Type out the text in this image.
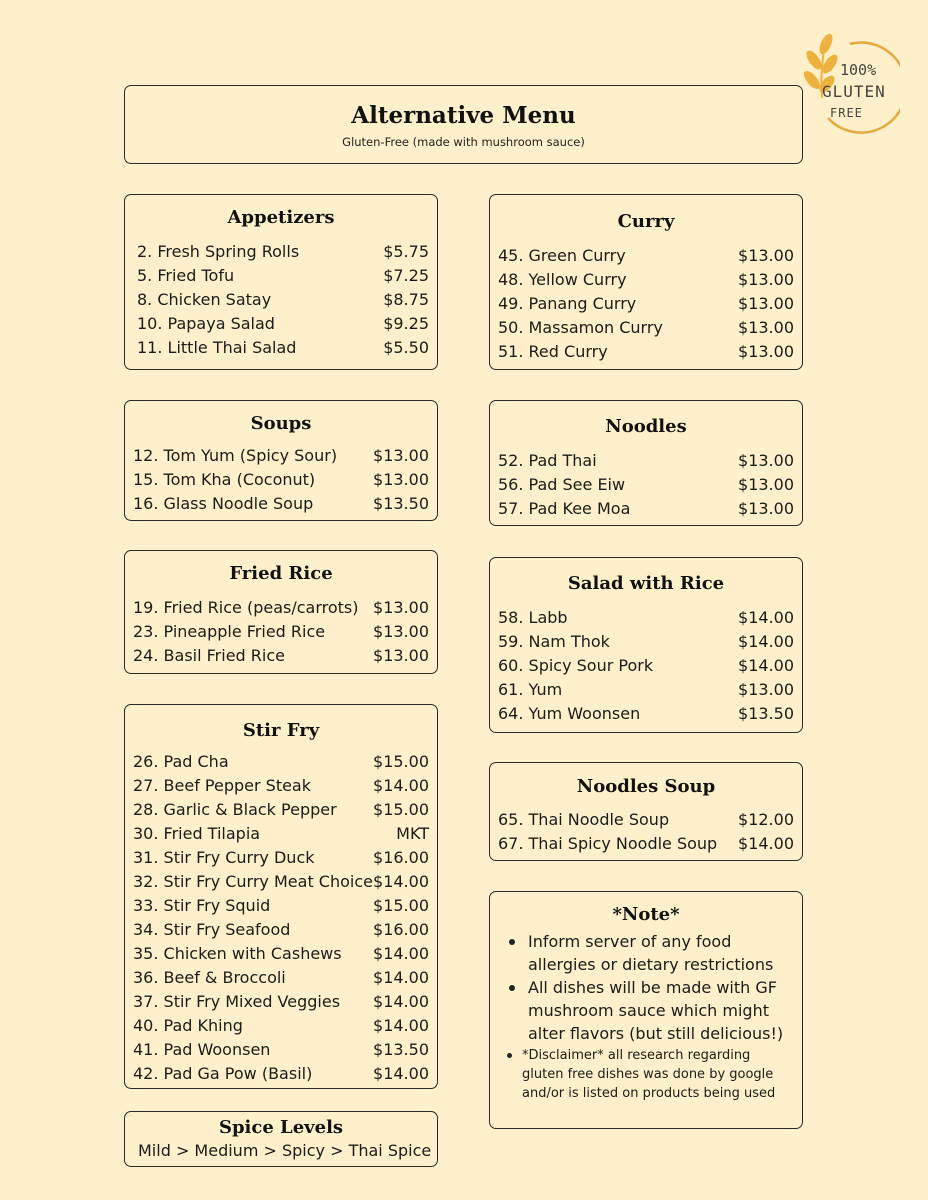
100%
GLUTEN
FREE
Alternative Menu
Gluten-Free (made with mushroom sauce)
Appetizers
2. Fresh Spring Rolls	$5.75
5. Fried Tofu	$7.25
8. Chicken Satay	$8.75
10. Papaya Salad	$9.25
11. Little Thai Salad	$5.50
Soups
12. Tom Yum (Spicy Sour) $13.00
15. Tom Kha (Coconut)	$13.00
16. Glass Noodle Soup	$13.50
Fried Rice
19. Fried Rice (peas/carrots) $13.00
23. Pineapple Fried Rice	$13.00
24. Basil Fried Rice	$13.00
Stir Fry
26. Pad Cha	$15.00
27. Beef Pepper Steak	$14.00
28. Garlic & Black Pepper $15.00
30. Fried Tilapia	MKT
31. Stir Fry Curry Duck	$16.00
32. Stir Fry Curry Meat Choice $14.00
33. Stir Fry Squid	$15.00
34. Stir Fry Seafood	$16.00
35. Chicken with Cashews $14.00
36. Beef & Broccoli	$14.00
37. Stir Fry Mixed Veggies $14.00
40. Pad Khing	$14.00
41. Pad Woonsen	$13.50
42. Pad Ga Pow (Basil)	$14.00
Spice Levels
Mild > Medium > Spicy > Thai Spice
Curry
45. Green Curry	$13.00
48. Yellow Curry	$13.00
49. Panang Curry	$13.00
50. Massamon Curry	$13.00
51. Red Curry	$13.00
Noodles
52. Pad Thai	$13.00
56. Pad See Eiw	$13.00
57. Pad Kee Moa	$13.00
Salad with Rice
58. Labb	$14.00
59. Nam Thok	$14.00
60. Spicy Sour Pork	$14.00
61. Yum	$13.00
64. Yum Woonsen	$13.50
Noodles Soup
65. Thai Noodle Soup	$12.00
67. Thai Spicy Noodle Soup $14.00
*Note*
Inform server of any food allergies or dietary restrictions
All dishes will be made with GF mushroom sauce which might alter flavors (but still delicious!)
*Disclaimer* all research regarding gluten free dishes was done by google and/or is listed on products being used
